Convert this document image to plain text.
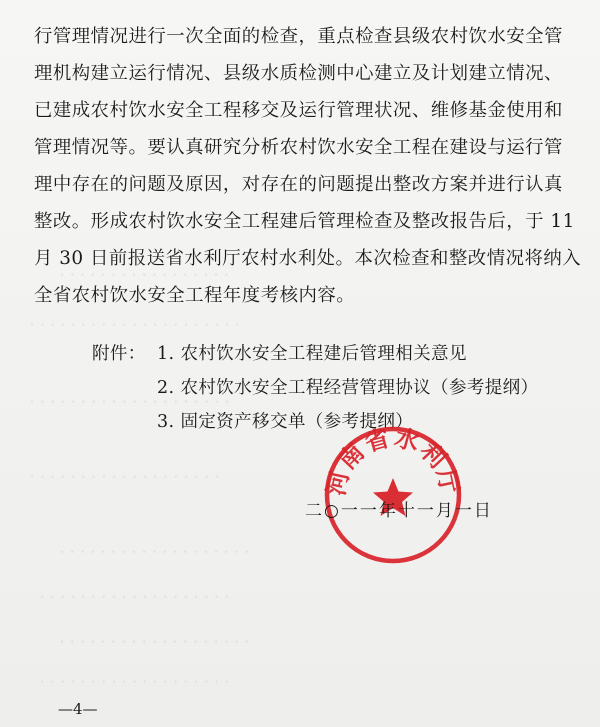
· · · · · · · · · · · · · · · · ·
· · · · · · · · · · · · · · · · · · · · ·
· · · · · · · · · · · · · · · · · · · ·
· · · · · · · · · · · · · · · · · · ·
· · · · · · · · · · · · · · · · · · ·
· · · · · · · · · · · · · · · · · · ·
· · · · · · · · · · · · · · · · · · ·
· · · · · · · · · · · · · · · · · · ·
行管理情况进行一次全面的检查，重点检查县级农村饮水安全管
理机构建立运行情况、县级水质检测中心建立及计划建立情况、
已建成农村饮水安全工程移交及运行管理状况、维修基金使用和
管理情况等。要认真研究分析农村饮水安全工程在建设与运行管
理中存在的问题及原因，对存在的问题提出整改方案并进行认真
整改。形成农村饮水安全工程建后管理检查及整改报告后，于 11
月 30 日前报送省水利厅农村水利处。本次检查和整改情况将纳入
全省农村饮水安全工程年度考核内容。
附件： 1. 农村饮水安全工程建后管理相关意见
2. 农村饮水安全工程经营管理协议（参考提纲）
3. 固定资产移交单（参考提纲）
河南省水利厅
二○一一年十一月一日
—4—
